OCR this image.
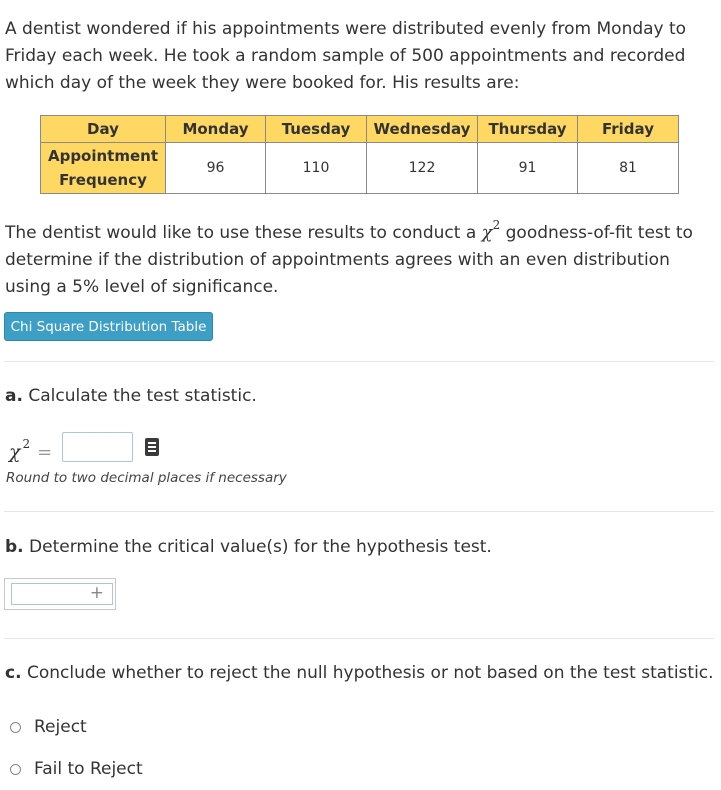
A dentist wondered if his appointments were distributed evenly from Monday to Friday each week. He took a random sample of 500 appointments and recorded which day of the week they were booked for. His results are:

Day	Monday	Tuesday	Wednesday	Thursday	Friday
Appointment
Frequency	96	110	122	91	81

The dentist would like to use these results to conduct a $\chi^2$ goodness-of-fit test to determine if the distribution of appointments agrees with an even distribution using a 5% level of significance.

Chi Square Distribution Table

a. Calculate the test statistic.

χ $^2$ =
Round to two decimal places if necessary

b. Determine the critical value(s) for the hypothesis test.

+

c. Conclude whether to reject the null hypothesis or not based on the test statistic.

Reject
Fail to Reject
